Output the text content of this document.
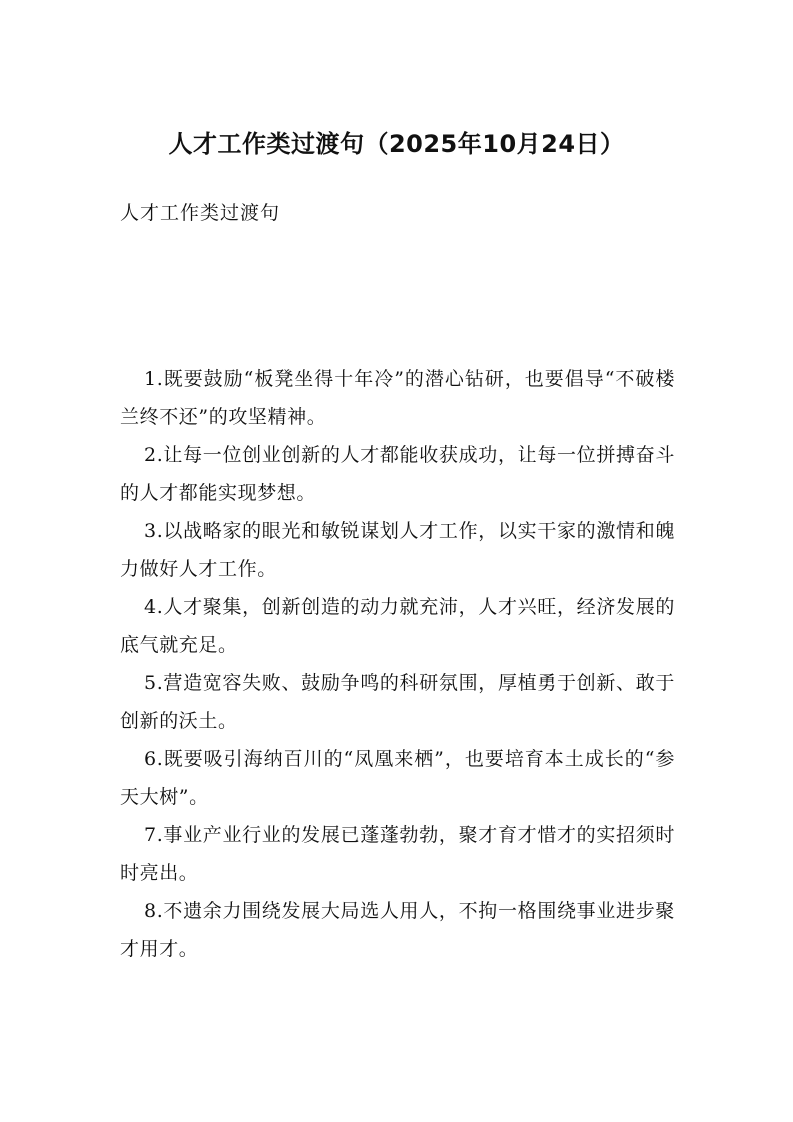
人才工作类过渡句（2025年10月24日）

人才工作类过渡句

1.既要鼓励“板凳坐得十年冷”的潜心钻研，也要倡导“不破楼兰终不还”的攻坚精神。
2.让每一位创业创新的人才都能收获成功，让每一位拼搏奋斗的人才都能实现梦想。
3.以战略家的眼光和敏锐谋划人才工作，以实干家的激情和魄力做好人才工作。
4.人才聚集，创新创造的动力就充沛，人才兴旺，经济发展的底气就充足。
5.营造宽容失败、鼓励争鸣的科研氛围，厚植勇于创新、敢于创新的沃土。
6.既要吸引海纳百川的“凤凰来栖”，也要培育本土成长的“参天大树”。
7.事业产业行业的发展已蓬蓬勃勃，聚才育才惜才的实招须时时亮出。
8.不遗余力围绕发展大局选人用人，不拘一格围绕事业进步聚才用才。
